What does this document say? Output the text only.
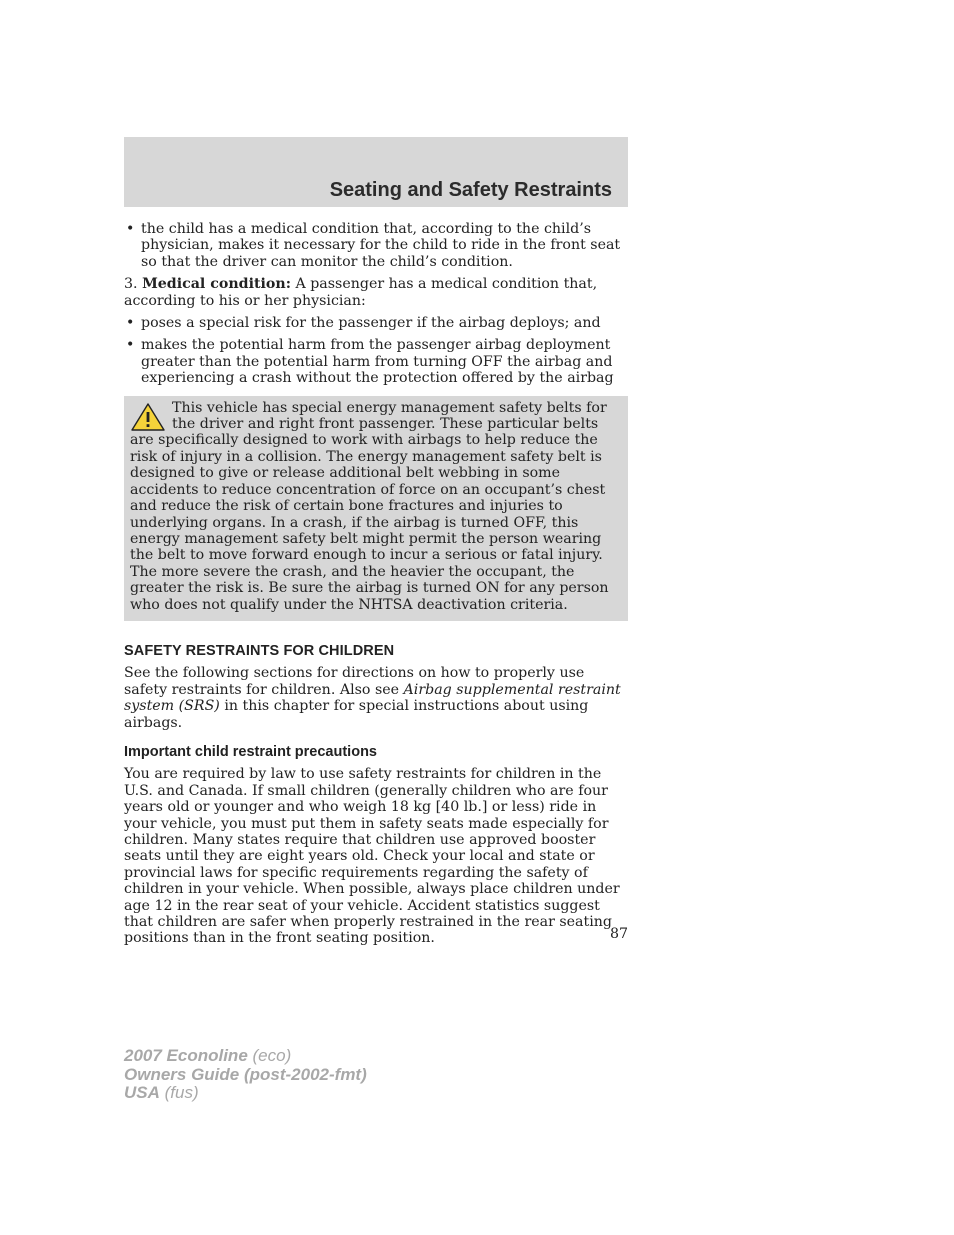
Seating and Safety Restraints
• the child has a medical condition that, according to the child’s physician, makes it necessary for the child to ride in the front seat so that the driver can monitor the child’s condition.

3. Medical condition: A passenger has a medical condition that, according to his or her physician:

• poses a special risk for the passenger if the airbag deploys; and
• makes the potential harm from the passenger airbag deployment greater than the potential harm from turning OFF the airbag and experiencing a crash without the protection offered by the airbag
This vehicle has special energy management safety belts for the driver and right front passenger. These particular belts are specifically designed to work with airbags to help reduce the risk of injury in a collision. The energy management safety belt is designed to give or release additional belt webbing in some accidents to reduce concentration of force on an occupant’s chest and reduce the risk of certain bone fractures and injuries to underlying organs. In a crash, if the airbag is turned OFF, this energy management safety belt might permit the person wearing the belt to move forward enough to incur a serious or fatal injury. The more severe the crash, and the heavier the occupant, the greater the risk is. Be sure the airbag is turned ON for any person who does not qualify under the NHTSA deactivation criteria.
SAFETY RESTRAINTS FOR CHILDREN

See the following sections for directions on how to properly use safety restraints for children. Also see Airbag supplemental restraint system (SRS) in this chapter for special instructions about using airbags.

Important child restraint precautions

You are required by law to use safety restraints for children in the U.S. and Canada. If small children (generally children who are four years old or younger and who weigh 18 kg [40 lb.] or less) ride in your vehicle, you must put them in safety seats made especially for children. Many states require that children use approved booster seats until they are eight years old. Check your local and state or provincial laws for specific requirements regarding the safety of children in your vehicle. When possible, always place children under age 12 in the rear seat of your vehicle. Accident statistics suggest that children are safer when properly restrained in the rear seating positions than in the front seating position.	87
2007 Econoline (eco)
Owners Guide (post-2002-fmt)
USA (fus)
